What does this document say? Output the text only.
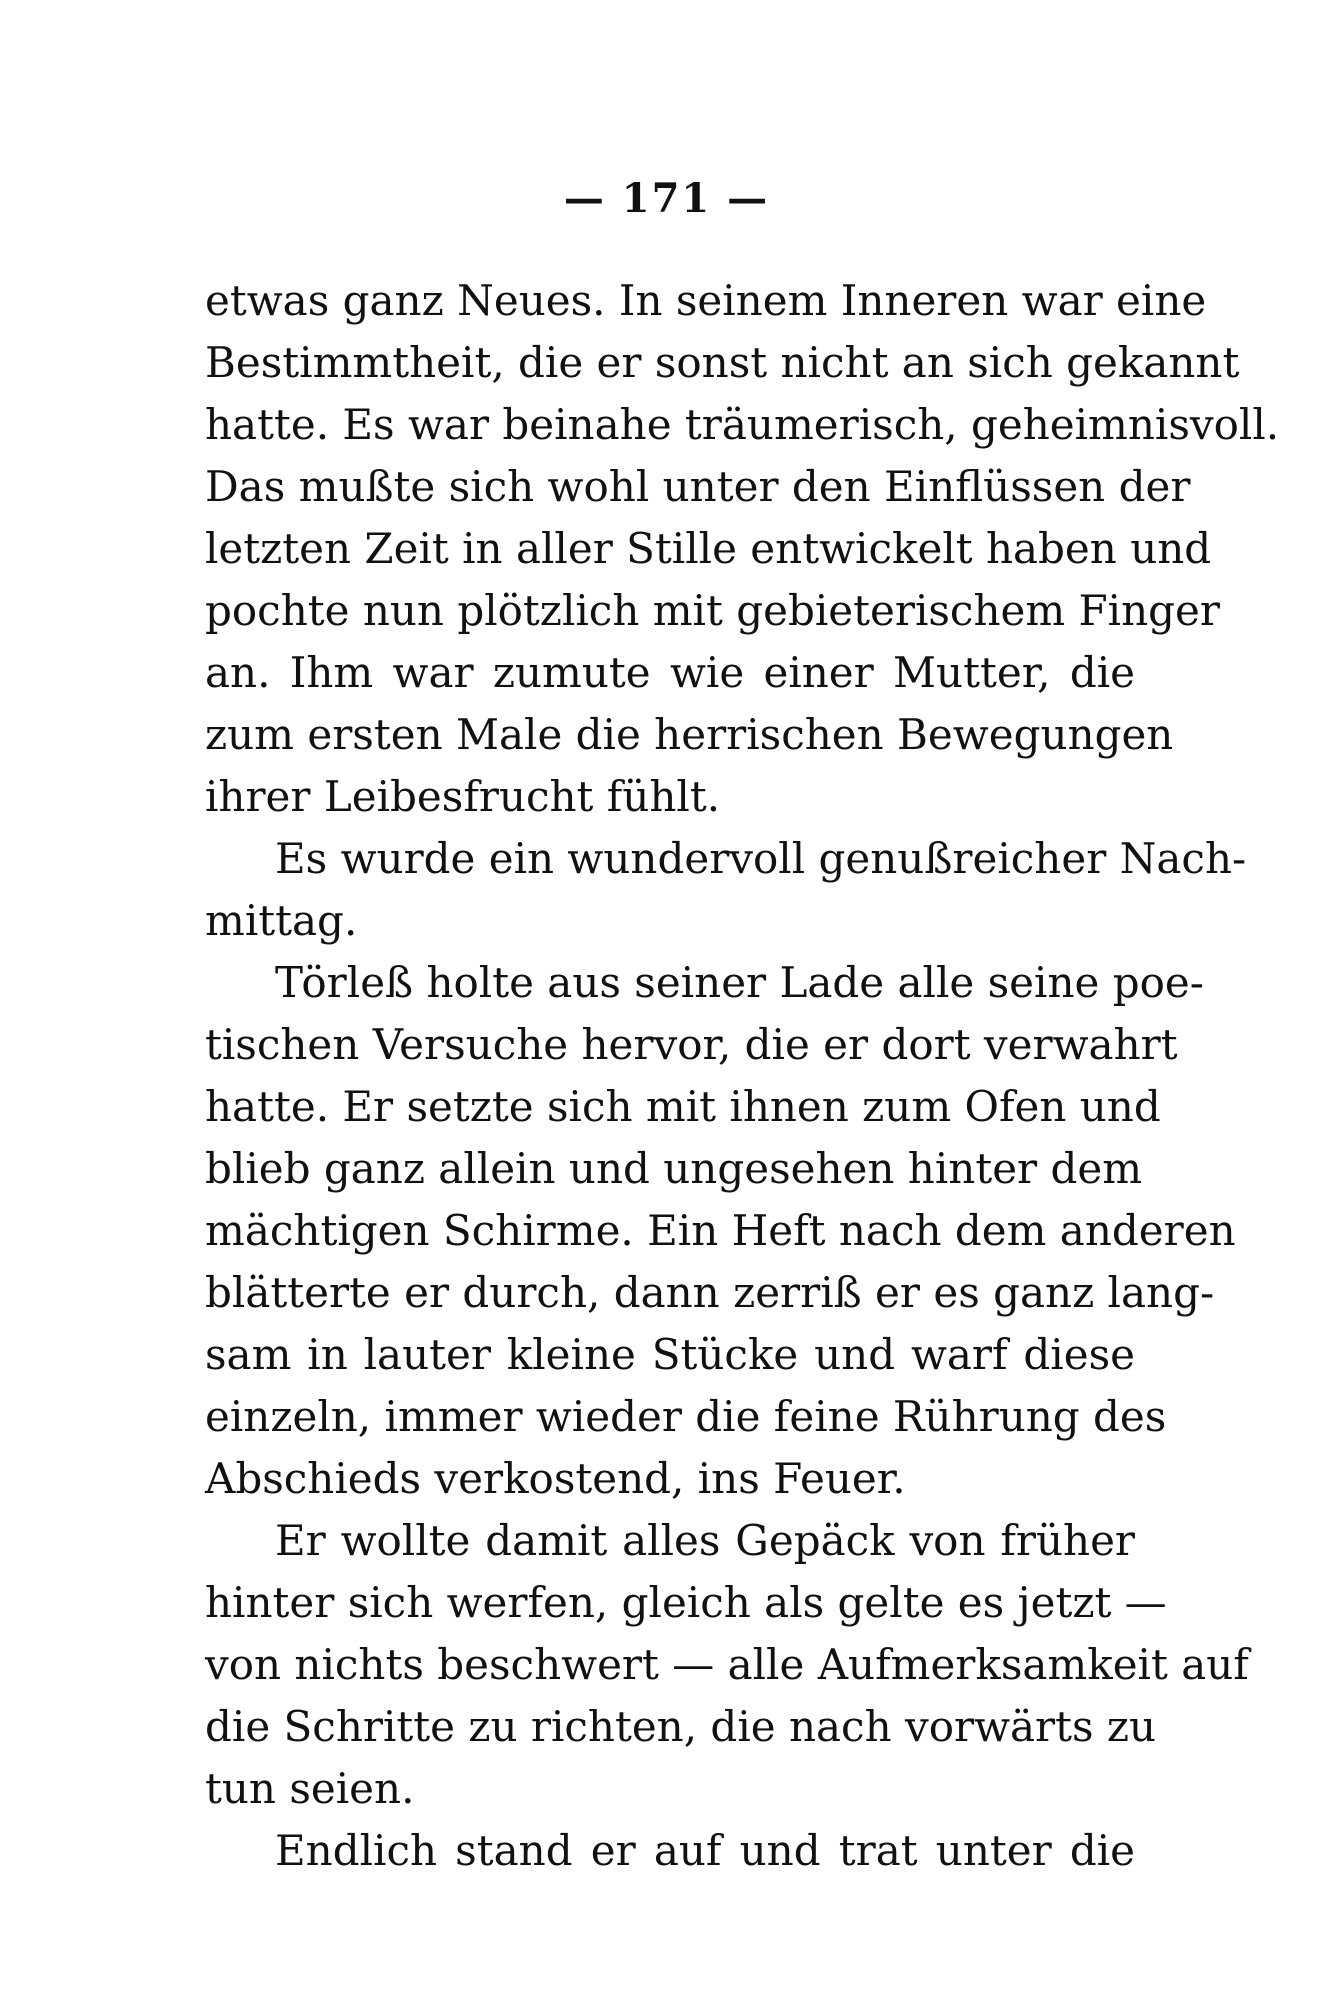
— 171 —
etwas ganz Neues. In seinem Inneren war eine
Bestimmtheit, die er sonst nicht an sich gekannt
hatte. Es war beinahe träumerisch, geheimnisvoll.
Das mußte sich wohl unter den Einflüssen der
letzten Zeit in aller Stille entwickelt haben und
pochte nun plötzlich mit gebieterischem Finger
an. Ihm war zumute wie einer Mutter, die
zum ersten Male die herrischen Bewegungen
ihrer Leibesfrucht fühlt.
Es wurde ein wundervoll genußreicher Nach-
mittag.
Törleß holte aus seiner Lade alle seine poe-
tischen Versuche hervor, die er dort verwahrt
hatte. Er setzte sich mit ihnen zum Ofen und
blieb ganz allein und ungesehen hinter dem
mächtigen Schirme. Ein Heft nach dem anderen
blätterte er durch, dann zerriß er es ganz lang-
sam in lauter kleine Stücke und warf diese
einzeln, immer wieder die feine Rührung des
Abschieds verkostend, ins Feuer.
Er wollte damit alles Gepäck von früher
hinter sich werfen, gleich als gelte es jetzt —
von nichts beschwert — alle Aufmerksamkeit auf
die Schritte zu richten, die nach vorwärts zu
tun seien.
Endlich stand er auf und trat unter die
